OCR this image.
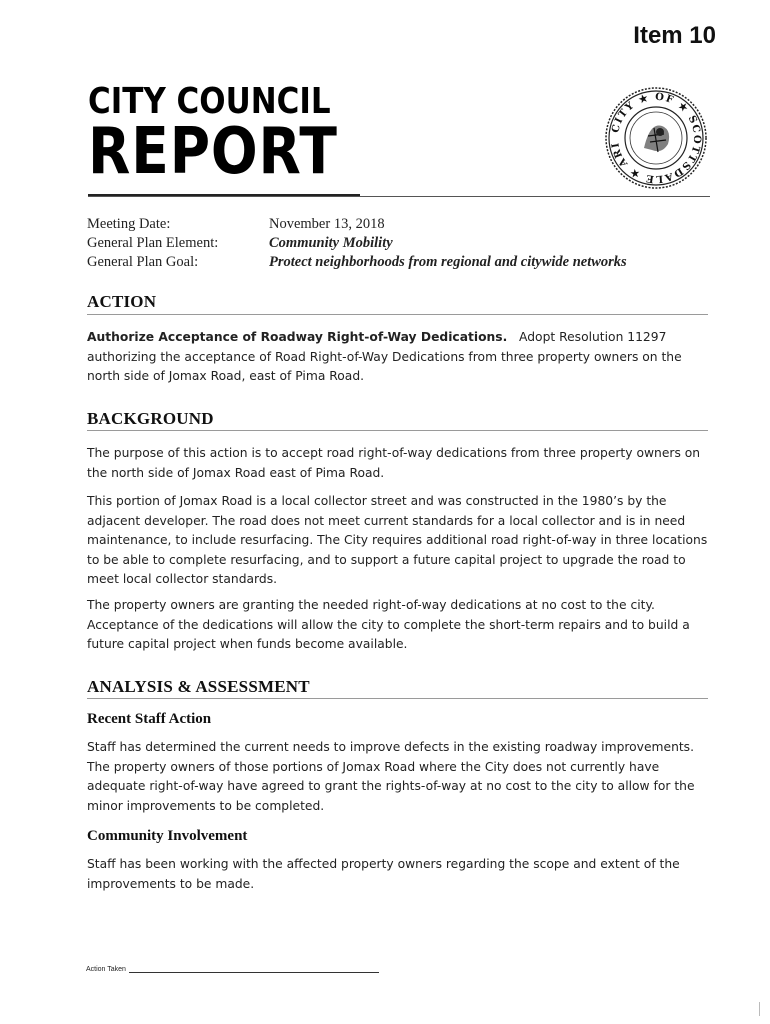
Item 10
CITY COUNCIL
REPORT	CITY ★ OF ★ SCOTTSDALE ★ ARI
Meeting Date:	November 13, 2018
General Plan Element:	Community Mobility
General Plan Goal:	Protect neighborhoods from regional and citywide networks
ACTION
Authorize Acceptance of Roadway Right-of-Way Dedications. Adopt Resolution 11297 authorizing the acceptance of Road Right-of-Way Dedications from three property owners on the north side of Jomax Road, east of Pima Road.
BACKGROUND
The purpose of this action is to accept road right-of-way dedications from three property owners on the north side of Jomax Road east of Pima Road.
This portion of Jomax Road is a local collector street and was constructed in the 1980’s by the adjacent developer. The road does not meet current standards for a local collector and is in need maintenance, to include resurfacing. The City requires additional road right-of-way in three locations to be able to complete resurfacing, and to support a future capital project to upgrade the road to meet local collector standards.
The property owners are granting the needed right-of-way dedications at no cost to the city. Acceptance of the dedications will allow the city to complete the short-term repairs and to build a future capital project when funds become available.
ANALYSIS & ASSESSMENT
Recent Staff Action
Staff has determined the current needs to improve defects in the existing roadway improvements. The property owners of those portions of Jomax Road where the City does not currently have adequate right-of-way have agreed to grant the rights-of-way at no cost to the city to allow for the minor improvements to be completed.
Community Involvement
Staff has been working with the affected property owners regarding the scope and extent of the improvements to be made.
Action Taken
